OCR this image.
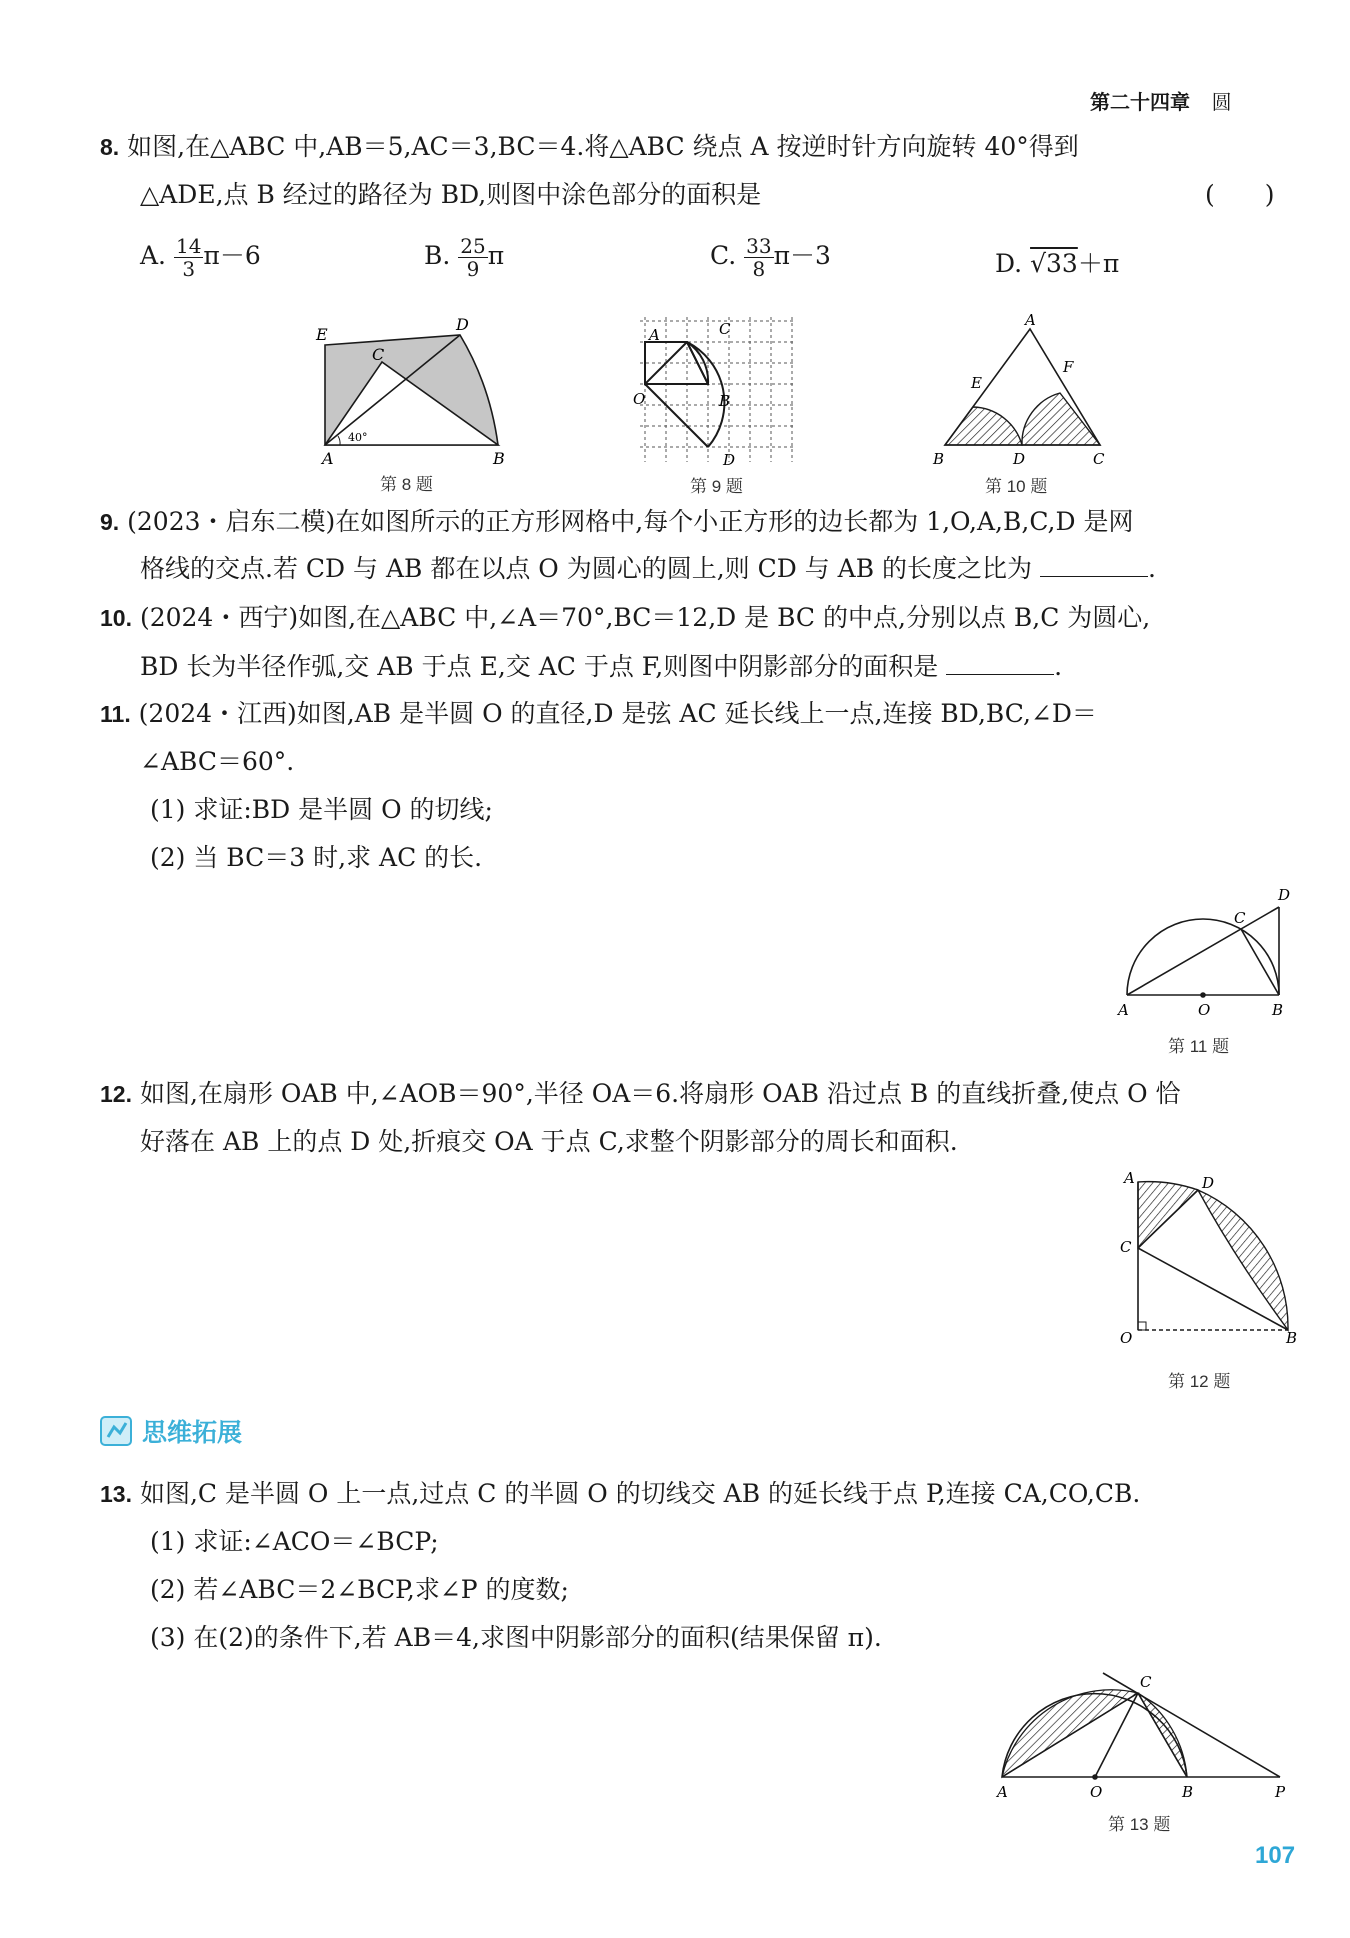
第二十四章 圆
8. 如图,在△ABC 中,AB＝5,AC＝3,BC＝4.将△ABC 绕点 A 按逆时针方向旋转 40°得到
△ADE,点 B 经过的路径为 BD,则图中涂色部分的面积是	(　　)
A. $\frac{14}{3} \pi-6$	B. $\frac{25}{9}$ π	C. $\frac{33}{8} \pi-3$	D. √33＋π
E
D
C
A	B
40°
第 8 题
A	C
O	B
D
第 9 题
A
E
F
B	D	C
第 10 题
9. (2023・启东二模)在如图所示的正方形网格中,每个小正方形的边长都为 1,O,A,B,C,D 是网
格线的交点.若 CD 与 AB 都在以点 O 为圆心的圆上,则 CD 与 AB 的长度之比为	.
10. (2024・西宁)如图,在△ABC 中,∠A＝70°,BC＝12,D 是 BC 的中点,分别以点 B,C 为圆心,
BD 长为半径作弧,交 AB 于点 E,交 AC 于点 F,则图中阴影部分的面积是	.
11. (2024・江西)如图,AB 是半圆 O 的直径,D 是弦 AC 延长线上一点,连接 BD,BC,∠D＝
∠ABC＝60°.
(1) 求证:BD 是半圆 O 的切线;
(2) 当 BC＝3 时,求 AC 的长.
D
C
A	O	B
第 11 题
12. 如图,在扇形 OAB 中,∠AOB＝90°,半径 OA＝6.将扇形 OAB 沿过点 B 的直线折叠,使点 O 恰
好落在 AB 上的点 D 处,折痕交 OA 于点 C,求整个阴影部分的周长和面积.
A	D
C
O	B
第 12 题
思维拓展
13. 如图,C 是半圆 O 上一点,过点 C 的半圆 O 的切线交 AB 的延长线于点 P,连接 CA,CO,CB.
(1) 求证:∠ACO＝∠BCP;
(2) 若∠ABC＝2∠BCP,求∠P 的度数;
(3) 在(2)的条件下,若 AB＝4,求图中阴影部分的面积(结果保留 π).
C
A	O	B	P
第 13 题
107
